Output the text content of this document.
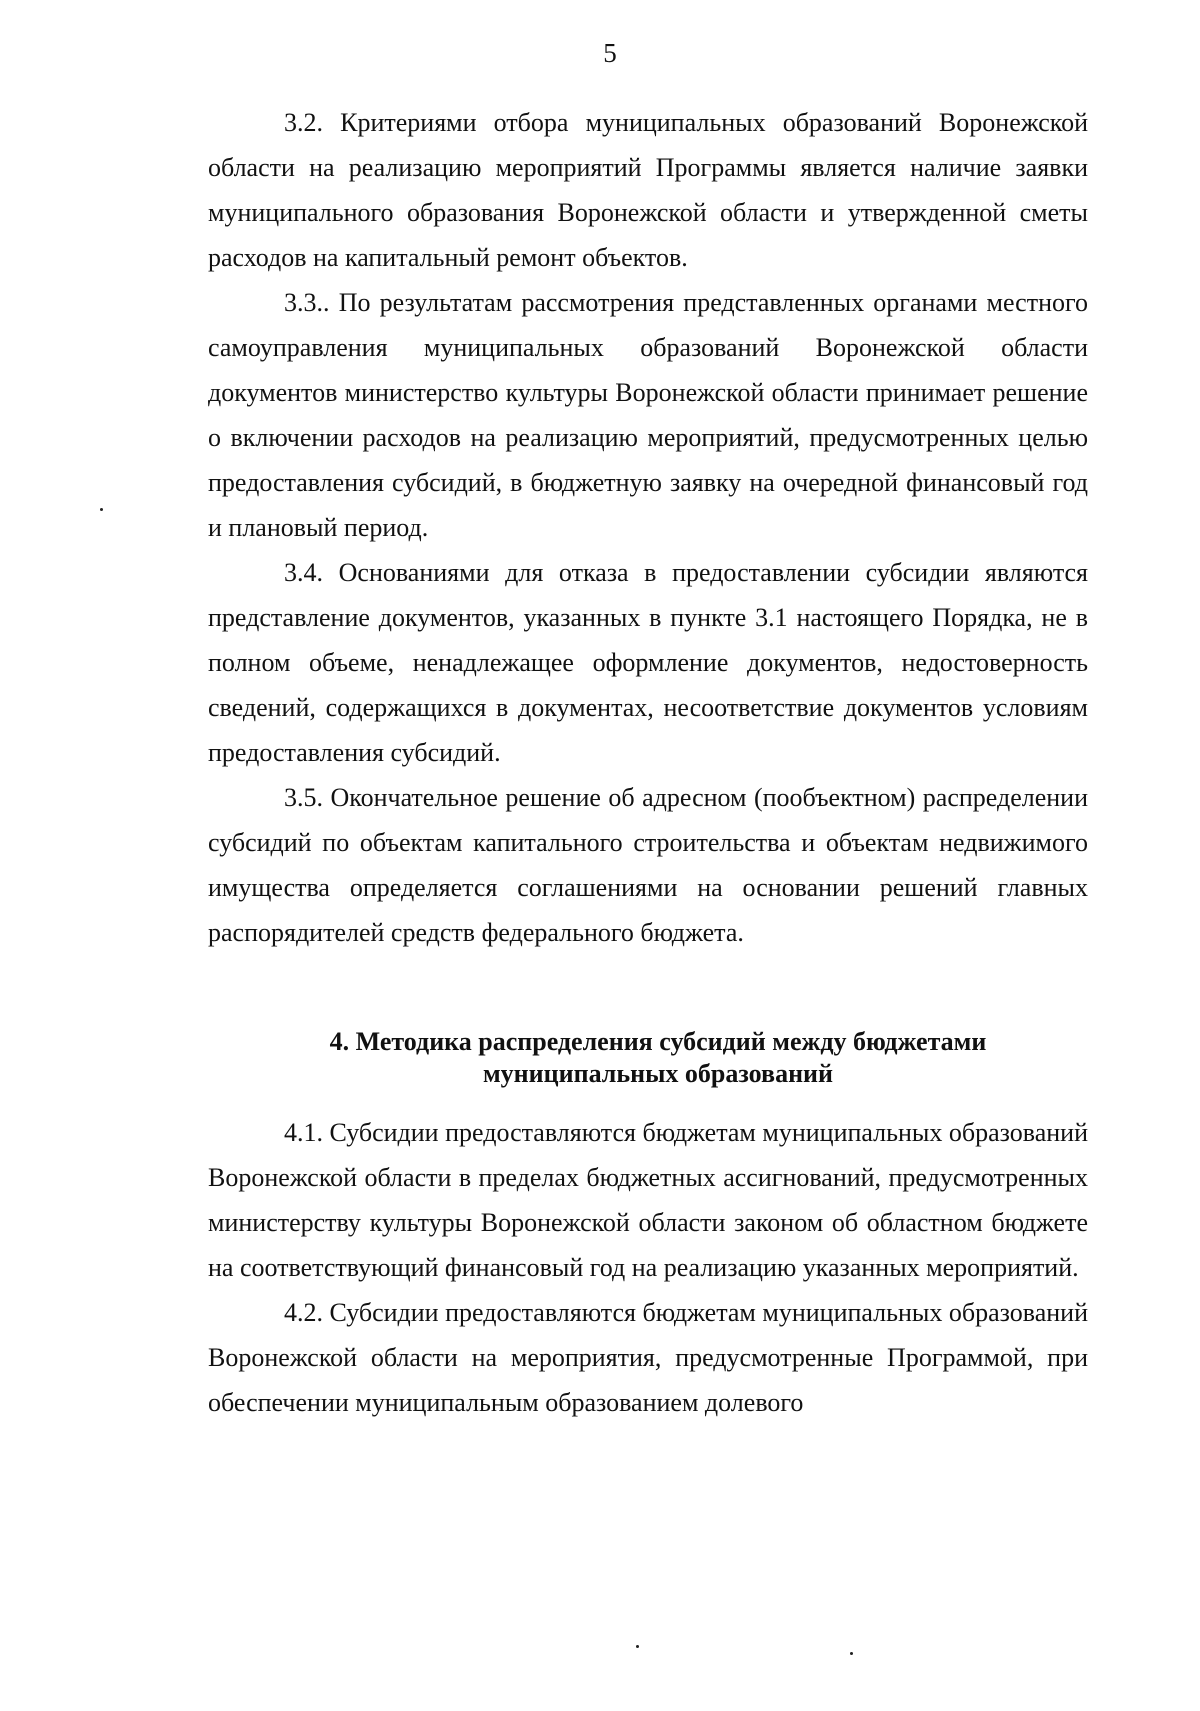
5

3.2. Критериями отбора муниципальных образований Воронежской области на реализацию мероприятий Программы является наличие заявки муниципального образования Воронежской области и утвержденной сметы расходов на капитальный ремонт объектов.

3.3.. По результатам рассмотрения представленных органами местного самоуправления муниципальных образований Воронежской области документов министерство культуры Воронежской области принимает решение о включении расходов на реализацию мероприятий, предусмотренных целью предоставления субсидий, в бюджетную заявку на очередной финансовый год и плановый период.

3.4. Основаниями для отказа в предоставлении субсидии являются представление документов, указанных в пункте 3.1 настоящего Порядка, не в полном объеме, ненадлежащее оформление документов, недостоверность сведений, содержащихся в документах, несоответствие документов условиям предоставления субсидий.

3.5. Окончательное решение об адресном (пообъектном) распределении субсидий по объектам капитального строительства и объектам недвижимого имущества определяется соглашениями на основании решений главных распорядителей средств федерального бюджета.

4. Методика распределения субсидий между бюджетами
муниципальных образований

4.1. Субсидии предоставляются бюджетам муниципальных образований Воронежской области в пределах бюджетных ассигнований, предусмотренных министерству культуры Воронежской области законом об областном бюджете на соответствующий финансовый год на реализацию указанных мероприятий.

4.2. Субсидии предоставляются бюджетам муниципальных образований Воронежской области на мероприятия, предусмотренные Программой, при обеспечении муниципальным образованием долевого
